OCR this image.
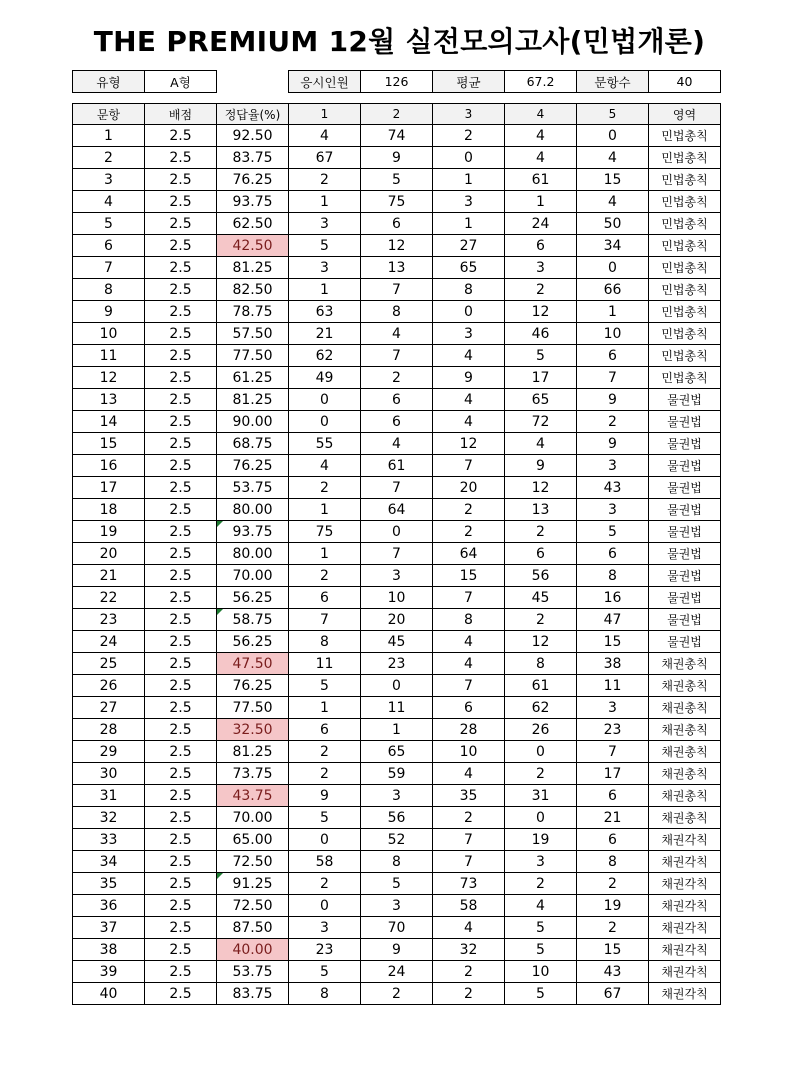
THE PREMIUM 12월 실전모의고사(민법개론)
유형	A형		응시인원	126	평균	67.2	문항수	40
문항	배점	정답율(%)	1	2	3	4	5	영역
1	2.5	92.50	4	74	2	4	0	민법총칙
2	2.5	83.75	67	9	0	4	4	민법총칙
3	2.5	76.25	2	5	1	61	15	민법총칙
4	2.5	93.75	1	75	3	1	4	민법총칙
5	2.5	62.50	3	6	1	24	50	민법총칙
6	2.5	42.50	5	12	27	6	34	민법총칙
7	2.5	81.25	3	13	65	3	0	민법총칙
8	2.5	82.50	1	7	8	2	66	민법총칙
9	2.5	78.75	63	8	0	12	1	민법총칙
10	2.5	57.50	21	4	3	46	10	민법총칙
11	2.5	77.50	62	7	4	5	6	민법총칙
12	2.5	61.25	49	2	9	17	7	민법총칙
13	2.5	81.25	0	6	4	65	9	물권법
14	2.5	90.00	0	6	4	72	2	물권법
15	2.5	68.75	55	4	12	4	9	물권법
16	2.5	76.25	4	61	7	9	3	물권법
17	2.5	53.75	2	7	20	12	43	물권법
18	2.5	80.00	1	64	2	13	3	물권법
19	2.5	93.75	75	0	2	2	5	물권법
20	2.5	80.00	1	7	64	6	6	물권법
21	2.5	70.00	2	3	15	56	8	물권법
22	2.5	56.25	6	10	7	45	16	물권법
23	2.5	58.75	7	20	8	2	47	물권법
24	2.5	56.25	8	45	4	12	15	물권법
25	2.5	47.50	11	23	4	8	38	채권총칙
26	2.5	76.25	5	0	7	61	11	채권총칙
27	2.5	77.50	1	11	6	62	3	채권총칙
28	2.5	32.50	6	1	28	26	23	채권총칙
29	2.5	81.25	2	65	10	0	7	채권총칙
30	2.5	73.75	2	59	4	2	17	채권총칙
31	2.5	43.75	9	3	35	31	6	채권총칙
32	2.5	70.00	5	56	2	0	21	채권총칙
33	2.5	65.00	0	52	7	19	6	채권각칙
34	2.5	72.50	58	8	7	3	8	채권각칙
35	2.5	91.25	2	5	73	2	2	채권각칙
36	2.5	72.50	0	3	58	4	19	채권각칙
37	2.5	87.50	3	70	4	5	2	채권각칙
38	2.5	40.00	23	9	32	5	15	채권각칙
39	2.5	53.75	5	24	2	10	43	채권각칙
40	2.5	83.75	8	2	2	5	67	채권각칙
